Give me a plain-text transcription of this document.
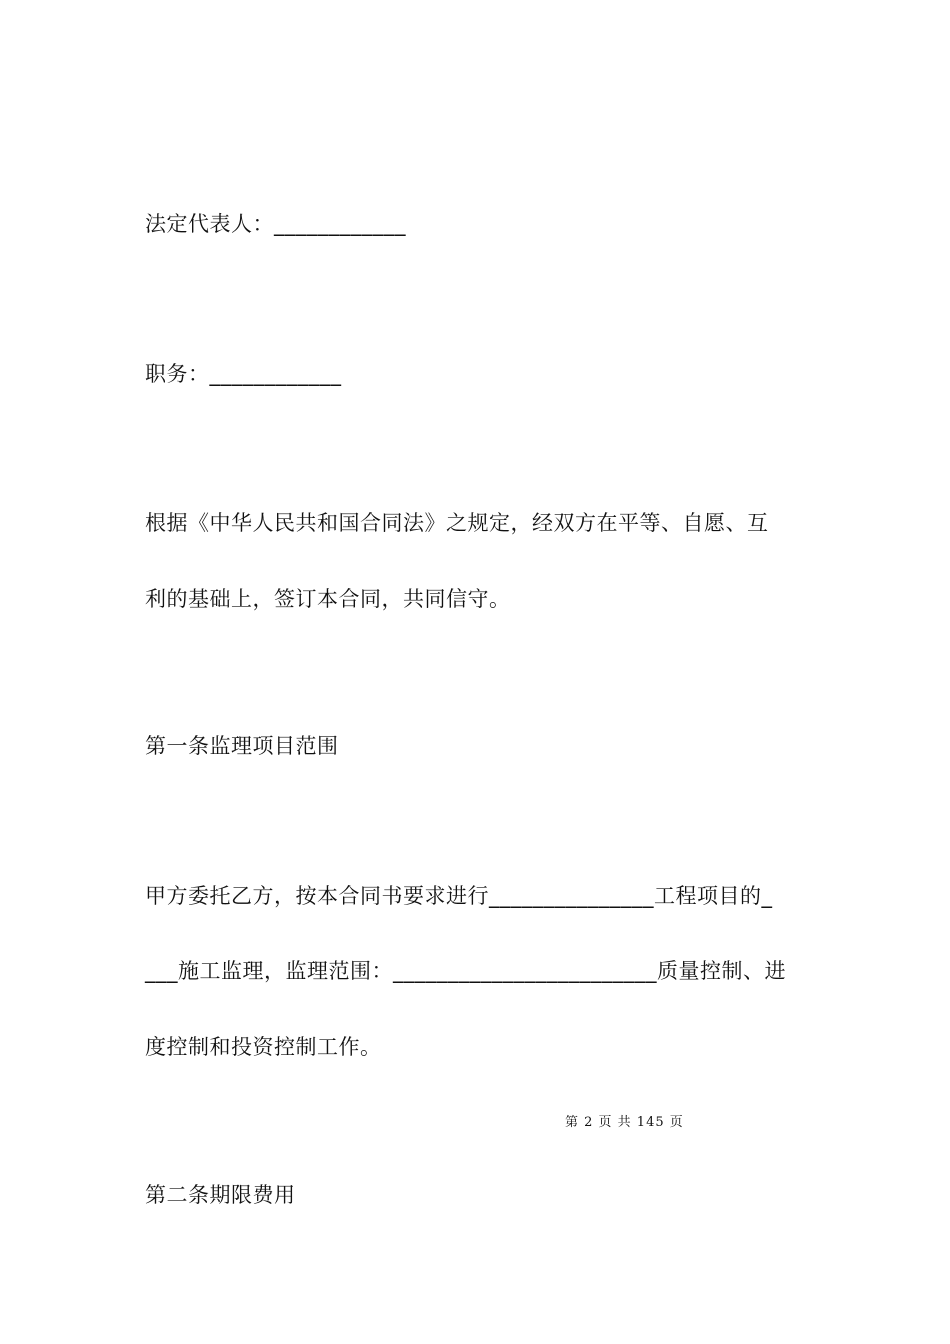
法定代表人：____________
职务：____________
根据《中华人民共和国合同法》之规定，经双方在平等、自愿、互
利的基础上，签订本合同，共同信守。
第一条监理项目范围
甲方委托乙方，按本合同书要求进行_______________工程项目的_
___施工监理，监理范围：________________________质量控制、进
度控制和投资控制工作。
第 2 页 共 145 页
第二条期限费用
